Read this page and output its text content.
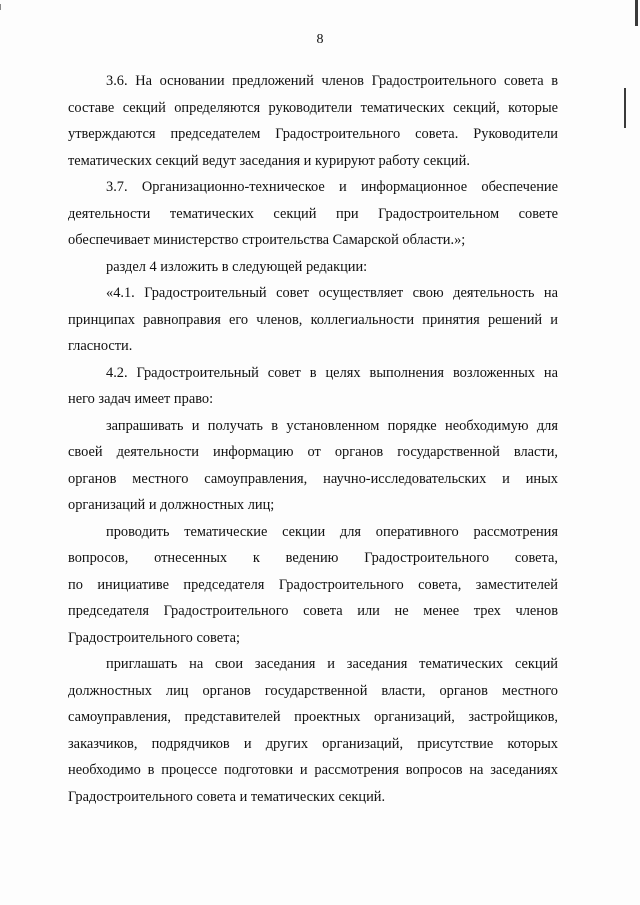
8
3.6. На основании предложений членов Градостроительного совета в
составе секций определяются руководители тематических секций, которые
утверждаются председателем Градостроительного совета. Руководители
тематических секций ведут заседания и курируют работу секций.
3.7. Организационно-техническое и информационное обеспечение
деятельности тематических секций при Градостроительном совете
обеспечивает министерство строительства Самарской области.»;
раздел 4 изложить в следующей редакции:
«4.1. Градостроительный совет осуществляет свою деятельность на
принципах равноправия его членов, коллегиальности принятия решений и
гласности.
4.2. Градостроительный совет в целях выполнения возложенных на
него задач имеет право:
запрашивать и получать в установленном порядке необходимую для
своей деятельности информацию от органов государственной власти,
органов местного самоуправления, научно-исследовательских и иных
организаций и должностных лиц;
проводить тематические секции для оперативного рассмотрения
вопросов, отнесенных к ведению Градостроительного совета,
по инициативе председателя Градостроительного совета, заместителей
председателя Градостроительного совета или не менее трех членов
Градостроительного совета;
приглашать на свои заседания и заседания тематических секций
должностных лиц органов государственной власти, органов местного
самоуправления, представителей проектных организаций, застройщиков,
заказчиков, подрядчиков и других организаций, присутствие которых
необходимо в процессе подготовки и рассмотрения вопросов на заседаниях
Градостроительного совета и тематических секций.
